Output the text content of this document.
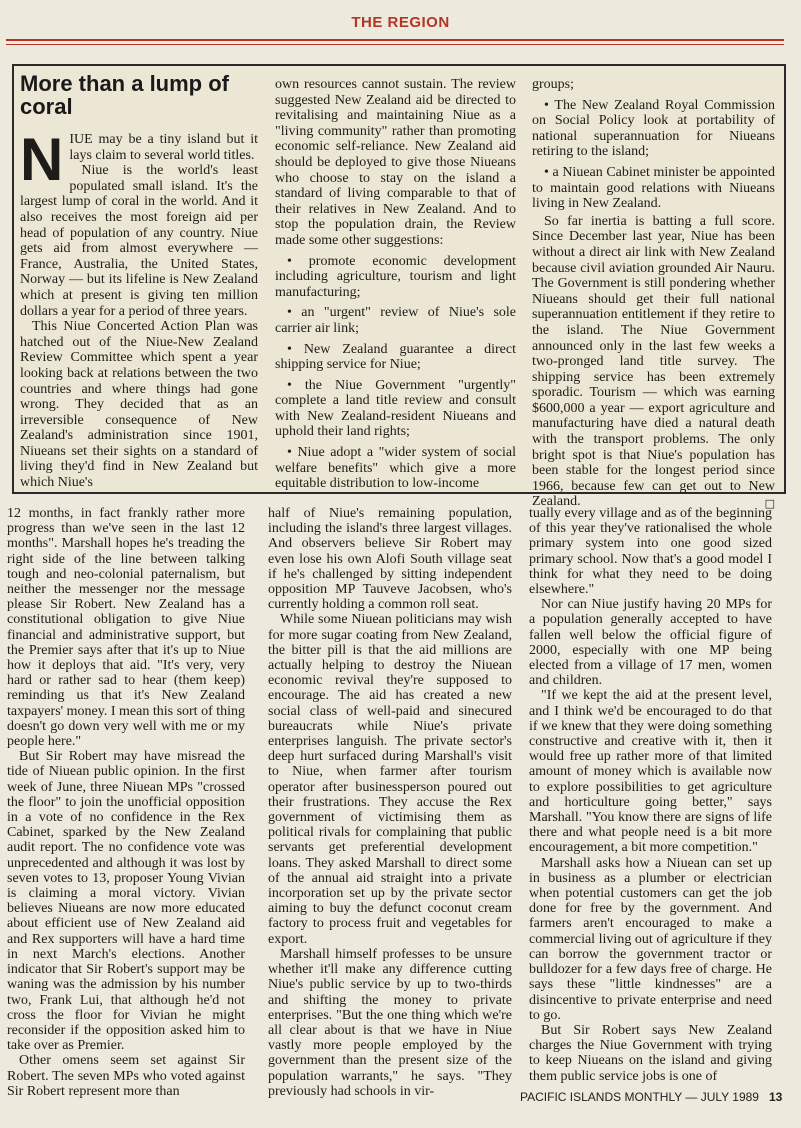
THE REGION
More than a lump of coral

NIUE may be a tiny island but it lays claim to several world titles.

Niue is the world's least populated small island. It's the largest lump of coral in the world. And it also receives the most foreign aid per head of population of any country. Niue gets aid from almost everywhere — France, Australia, the United States, Norway — but its lifeline is New Zealand which at present is giving ten million dollars a year for a period of three years.

This Niue Concerted Action Plan was hatched out of the Niue-New Zealand Review Committee which spent a year looking back at relations between the two countries and where things had gone wrong. They decided that as an irreversible consequence of New Zealand's administration since 1901, Niueans set their sights on a standard of living they'd find in New Zealand but which Niue's

own resources cannot sustain. The review suggested New Zealand aid be directed to revitalising and maintaining Niue as a "living community" rather than promoting economic self-reliance. New Zealand aid should be deployed to give those Niueans who choose to stay on the island a standard of living comparable to that of their relatives in New Zealand. And to stop the population drain, the Review made some other suggestions:

• promote economic development including agriculture, tourism and light manufacturing;

• an "urgent" review of Niue's sole carrier air link;

• New Zealand guarantee a direct shipping service for Niue;

• the Niue Government "urgently" complete a land title review and consult with New Zealand-resident Niueans and uphold their land rights;

• Niue adopt a "wider system of social welfare benefits" which give a more equitable distribution to low-income

groups;

• The New Zealand Royal Commission on Social Policy look at portability of national superannuation for Niueans retiring to the island;

• a Niuean Cabinet minister be appointed to maintain good relations with Niueans living in New Zealand.

So far inertia is batting a full score. Since December last year, Niue has been without a direct air link with New Zealand because civil aviation grounded Air Nauru. The Government is still pondering whether Niueans should get their full national superannuation entitlement if they retire to the island. The Niue Government announced only in the last few weeks a two-pronged land title survey. The shipping service has been extremely sporadic. Tourism — which was earning $600,000 a year — export agriculture and manufacturing have died a natural death with the transport problems. The only bright spot is that Niue's population has been stable for the longest period since 1966, because few can get out to New Zealand.	□

12 months, in fact frankly rather more progress than we've seen in the last 12 months". Marshall hopes he's treading the right side of the line between talking tough and neo-colonial paternalism, but neither the messenger nor the message please Sir Robert. New Zealand has a constitutional obligation to give Niue financial and administrative support, but the Premier says after that it's up to Niue how it deploys that aid. "It's very, very hard or rather sad to hear (them keep) reminding us that it's New Zealand taxpayers' money. I mean this sort of thing doesn't go down very well with me or my people here."

But Sir Robert may have misread the tide of Niuean public opinion. In the first week of June, three Niuean MPs "crossed the floor" to join the unofficial opposition in a vote of no confidence in the Rex Cabinet, sparked by the New Zealand audit report. The no confidence vote was unprecedented and although it was lost by seven votes to 13, proposer Young Vivian is claiming a moral victory. Vivian believes Niueans are now more educated about efficient use of New Zealand aid and Rex supporters will have a hard time in next March's elections. Another indicator that Sir Robert's support may be waning was the admission by his number two, Frank Lui, that although he'd not cross the floor for Vivian he might reconsider if the opposition asked him to take over as Premier.

Other omens seem set against Sir Robert. The seven MPs who voted against Sir Robert represent more than

half of Niue's remaining population, including the island's three largest villages. And observers believe Sir Robert may even lose his own Alofi South village seat if he's challenged by sitting independent opposition MP Tauveve Jacobsen, who's currently holding a common roll seat.

While some Niuean politicians may wish for more sugar coating from New Zealand, the bitter pill is that the aid millions are actually helping to destroy the Niuean economic revival they're supposed to encourage. The aid has created a new social class of well-paid and sinecured bureaucrats while Niue's private enterprises languish. The private sector's deep hurt surfaced during Marshall's visit to Niue, when farmer after tourism operator after businessperson poured out their frustrations. They accuse the Rex government of victimising them as political rivals for complaining that public servants get preferential development loans. They asked Marshall to direct some of the annual aid straight into a private incorporation set up by the private sector aiming to buy the defunct coconut cream factory to process fruit and vegetables for export.

Marshall himself professes to be unsure whether it'll make any difference cutting Niue's public service by up to two-thirds and shifting the money to private enterprises. "But the one thing which we're all clear about is that we have in Niue vastly more people employed by the government than the present size of the population warrants," he says. "They previously had schools in vir-

tually every village and as of the beginning of this year they've rationalised the whole primary system into one good sized primary school. Now that's a good model I think for what they need to be doing elsewhere."

Nor can Niue justify having 20 MPs for a population generally accepted to have fallen well below the official figure of 2000, especially with one MP being elected from a village of 17 men, women and children.

"If we kept the aid at the present level, and I think we'd be encouraged to do that if we knew that they were doing something constructive and creative with it, then it would free up rather more of that limited amount of money which is available now to explore possibilities to get agriculture and horticulture going better," says Marshall. "You know there are signs of life there and what people need is a bit more encouragement, a bit more competition."

Marshall asks how a Niuean can set up in business as a plumber or electrician when potential customers can get the job done for free by the government. And farmers aren't encouraged to make a commercial living out of agriculture if they can borrow the government tractor or bulldozer for a few days free of charge. He says these "little kindnesses" are a disincentive to private enterprise and need to go.

But Sir Robert says New Zealand charges the Niue Government with trying to keep Niueans on the island and giving them public service jobs is one of

PACIFIC ISLANDS MONTHLY — JULY 1989 13
